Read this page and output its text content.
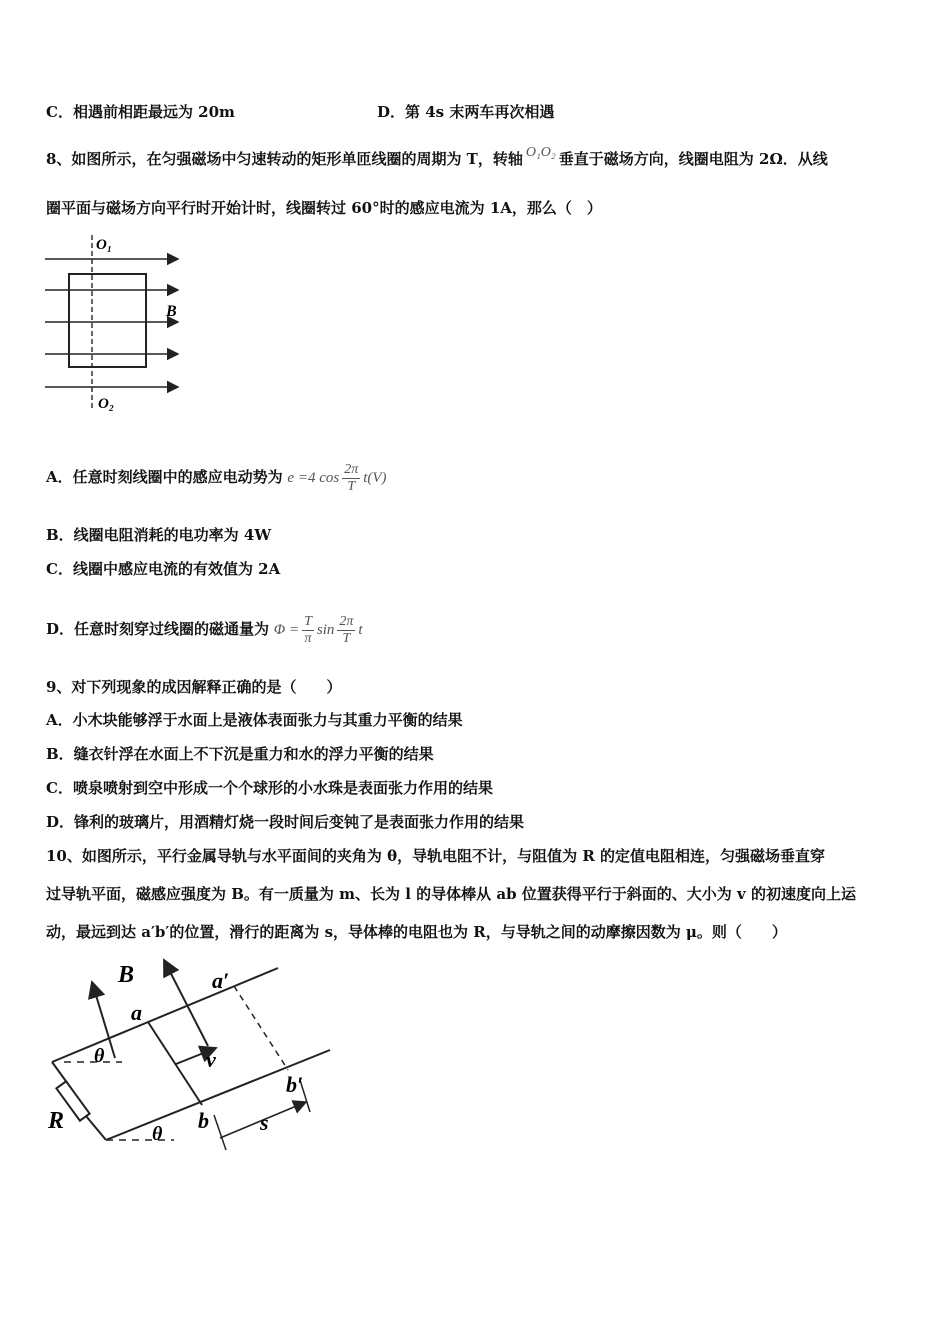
C．相遇前相距最远为 20m	D．第 4s 末两车再次相遇
8、如图所示，在匀强磁场中匀速转动的矩形单匝线圈的周期为 T，转轴 O₁O₂ 垂直于磁场方向，线圈电阻为 2Ω．从线
圈平面与磁场方向平行时开始计时，线圈转过 60°时的感应电流为 1A，那么（　）
O₁
O₂
B
A．任意时刻线圈中的感应电动势为 e =4 $\cos \frac{2\pi}{T} t(V)$
B．线圈电阻消耗的电功率为 4W
C．线圈中感应电流的有效值为 2A
D．任意时刻穿过线圈的磁通量为 $\Phi = \frac{T}{\pi}$ $\sin \frac{2\pi}{T}$ t
9、对下列现象的成因解释正确的是（　　）
A．小木块能够浮于水面上是液体表面张力与其重力平衡的结果
B．缝衣针浮在水面上不下沉是重力和水的浮力平衡的结果
C．喷泉喷射到空中形成一个个球形的小水珠是表面张力作用的结果
D．锋利的玻璃片，用酒精灯烧一段时间后变钝了是表面张力作用的结果
10、如图所示，平行金属导轨与水平面间的夹角为 θ，导轨电阻不计，与阻值为 R 的定值电阻相连，匀强磁场垂直穿
过导轨平面，磁感应强度为 B。有一质量为 m、长为 l 的导体棒从 ab 位置获得平行于斜面的、大小为 v 的初速度向上运
动，最远到达 a′b′的位置，滑行的距离为 s，导体棒的电阻也为 R，与导轨之间的动摩擦因数为 μ。则（　　）
B	a′
a
θ	v
b′
R	b
θ	s
